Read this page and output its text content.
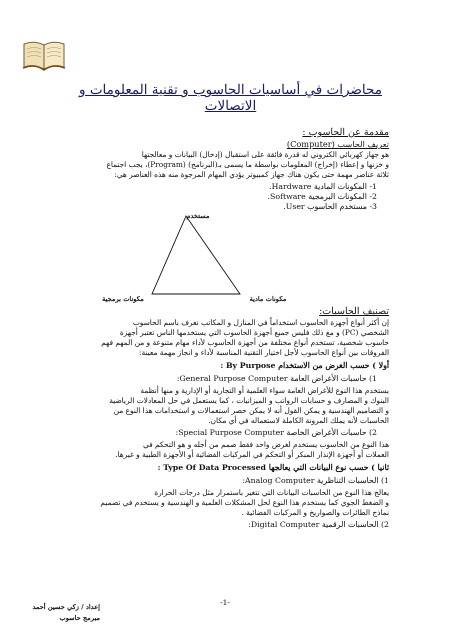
محاضرات في أساسيات الحاسوب و تقنية المعلومات و الاتصالات
مقدمة عن الحاسوب :
تعريف الحاسب (Computer)
هو جهاز كهربائي الكتروني له قدرة فائقة على استقبال (إدخال) البيانات و معالجتها
و خزنها و إعطاء (إخراج) المعلومات بواسطة ما يسمى بـ(البرنامج) (Program)، يجب اجتماع
ثلاثة عناصر مهمة حتى يكون هناك جهاز كمبيوتر يؤدي المهام المرجوة منه هذه العناصر هي:
1- المكونات المادية Hardware.
2- المكونات البرمجية Software.
3- مستخدم الحاسوب User.
مستخدم
مكونات برمجية	مكونات مادية
تصنيف الحاسبات:
إن أكثر أنواع أجهزة الحاسوب استخداماً في المنازل و المكاتب تعرف باسم الحاسوب
الشخصي (PC) و مع ذلك فليس جميع أجهزة الحاسوب التي يستخدمها الناس تعتبر أجهزة
حاسوب شخصية، تستخدم أنواع مختلفة من أجهزة الحاسوب لأداء مهام متنوعة و من المهم فهم
الفروقات بين أنواع الحاسوب لأجل اختيار التقنية المناسبة لأداء و انجاز مهمة معينة:
أولا ) حسب الغرض من الاستخدام By Purpose :
1) حاسبات الأغراض العامة General Purpose Computer:
يستخدم هذا النوع للأغراض العامة سواء العلمية أو التجارية أو الإدارية و منها أنظمة
البنوك و المصارف و حسابات الرواتب و الميزانيات ، كما يستعمل في حل المعادلات الرياضية
و التصاميم الهندسية و يمكن القول أنه لا يمكن حصر استعمالات و استخدامات هذا النوع من
الحاسبات لأنه يملك المرونة الكاملة لاستعماله في أي مكان.
2) حاسبات الأغراض الخاصة Special Purpose Computer:
هذا النوع من الحاسوب يستخدم لغرض واحد فقط صمم من أجله و هو التحكم في
العملات أو أجهزة الإنذار المبكر أو التحكم في المركبات الفضائية أو الأجهزة الطبية و غيرها.
ثانيا ) حسب نوع البيانات التي يعالجها Type Of Data Processed :
1) الحاسبات التناظرية Analog Computer:
يعالج هذا النوع من الحاسبات البيانات التي تتغير باستمرار مثل درجات الحرارة
و الضغط الجوي كما يستخدم هذا النوع لحل المشكلات العلمية و الهندسية و يستخدم في تصميم
نماذج الطائرات والصواريخ و المركبات الفضائية .
2) الحاسبات الرقمية Digital Computer:
-1-
إعداد / زكي حسين أحمد
مبرمج حاسوب
